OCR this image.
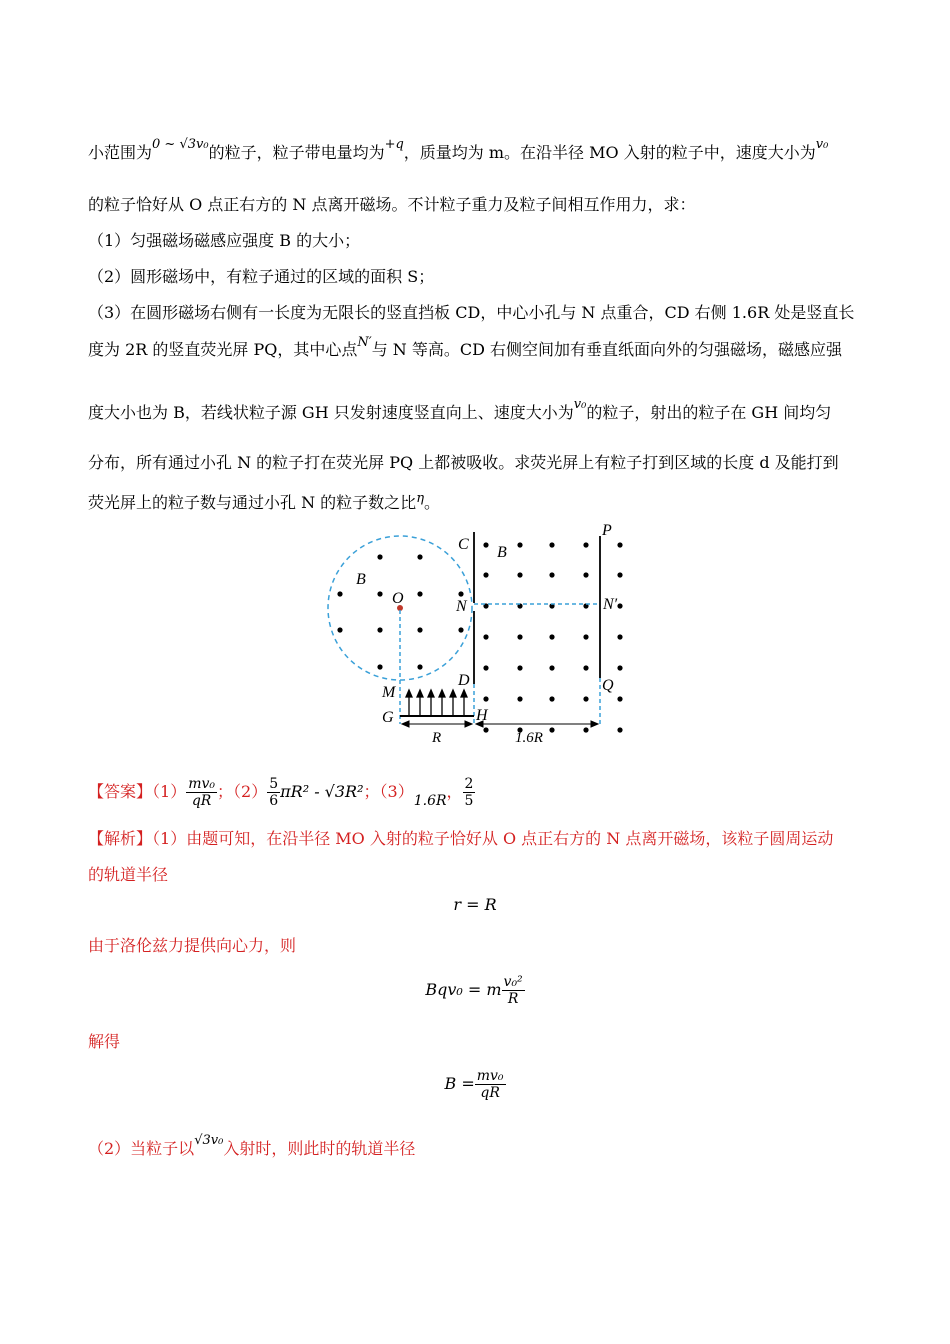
小范围为$^{0 \sim √3v_0}$的粒子，粒子带电量均为$^{+q}$，质量均为 m。在沿半径 MO 入射的粒子中，速度大小为$^{v_0}$
的粒子恰好从 O 点正右方的 N 点离开磁场。不计粒子重力及粒子间相互作用力，求：
（1）匀强磁场磁感应强度 B 的大小；
（2）圆形磁场中，有粒子通过的区域的面积 S；
（3）在圆形磁场右侧有一长度为无限长的竖直挡板 CD，中心小孔与 N 点重合，CD 右侧 1.6R 处是竖直长
度为 2R 的竖直荧光屏 PQ，其中心点$^{N'}$与 N 等高。CD 右侧空间加有垂直纸面向外的匀强磁场，磁感应强
度大小也为 B，若线状粒子源 GH 只发射速度竖直向上、速度大小为$^{v_0}$的粒子，射出的粒子在 GH 间均匀
分布，所有通过小孔 N 的粒子打在荧光屏 PQ 上都被吸收。求荧光屏上有粒子打到区域的长度 d 及能打到
荧光屏上的粒子数与通过小孔 N 的粒子数之比$^\eta$。
C B
B
O	N	N′
P
Q
D
M
G	H
R	1.6R
【答案】$(1) \frac{\text{mv₀}}{qR}$ ；$(2) \frac{5}{6} \pi R^2 - √3R^2$；（3）1.6R， $\frac{2}{5}$
【解析】（1）由题可知，在沿半径 MO 入射的粒子恰好从 O 点正右方的 N 点离开磁场，该粒子圆周运动
的轨道半径
r = R
由于洛伦兹力提供向心力，则
Bqv₀ = m $\frac{\text{v₀²}}{R}$
解得
$B = \frac{\text{mv₀}}{qR}$
（2）当粒子以$^{√3v_0}$入射时，则此时的轨道半径
